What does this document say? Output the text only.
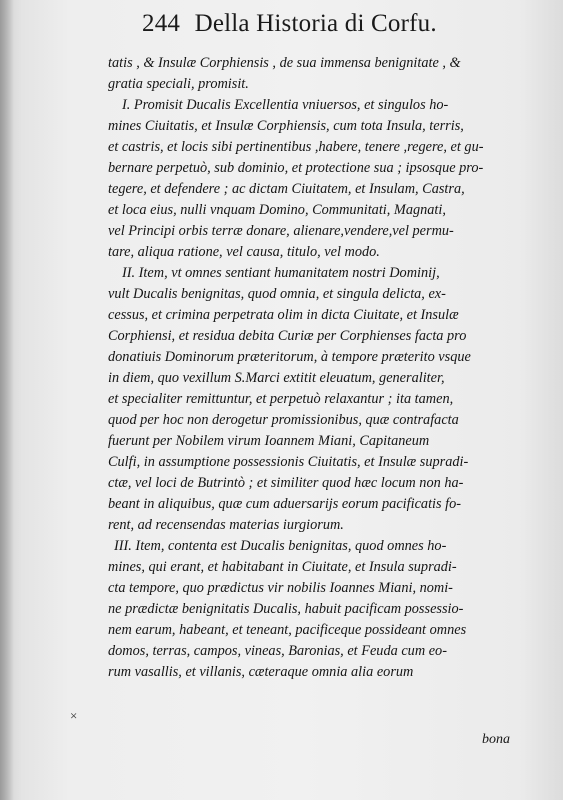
244 Della Historia di Corfu.
tatis , & Insulæ Corphiensis , de sua immensa benignitate , &
gratia speciali, promisit.
I. Promisit Ducalis Excellentia vniuersos, et singulos ho-
mines Ciuitatis, et Insulæ Corphiensis, cum tota Insula, terris,
et castris, et locis sibi pertinentibus ,habere, tenere ,regere, et gu-
bernare perpetuò, sub dominio, et protectione sua ; ipsosque pro-
tegere, et defendere ; ac dictam Ciuitatem, et Insulam, Castra,
et loca eius, nulli vnquam Domino, Communitati, Magnati,
vel Principi orbis terræ donare, alienare,vendere,vel permu-
tare, aliqua ratione, vel causa, titulo, vel modo.
II. Item, vt omnes sentiant humanitatem nostri Dominij,
vult Ducalis benignitas, quod omnia, et singula delicta, ex-
cessus, et crimina perpetrata olim in dicta Ciuitate, et Insulæ
Corphiensi, et residua debita Curiæ per Corphienses facta pro
donatiuis Dominorum præteritorum, à tempore præterito vsque
in diem, quo vexillum S.Marci extitit eleuatum, generaliter,
et specialiter remittuntur, et perpetuò relaxantur ; ita tamen,
quod per hoc non derogetur promissionibus, quæ contrafacta
fuerunt per Nobilem virum Ioannem Miani, Capitaneum
Culfi, in assumptione possessionis Ciuitatis, et Insulæ supradi-
ctæ, vel loci de Butrintò ; et similiter quod hæc locum non ha-
beant in aliquibus, quæ cum aduersarijs eorum pacificatis fo-
rent, ad recensendas materias iurgiorum.
III. Item, contenta est Ducalis benignitas, quod omnes ho-
mines, qui erant, et habitabant in Ciuitate, et Insula supradi-
cta tempore, quo prædictus vir nobilis Ioannes Miani, nomi-
ne prædictæ benignitatis Ducalis, habuit pacificam possessio-
nem earum, habeant, et teneant, pacificeque possideant omnes
domos, terras, campos, vineas, Baronias, et Feuda cum eo-
rum vasallis, et villanis, cæteraque omnia alia eorum
×
bona
